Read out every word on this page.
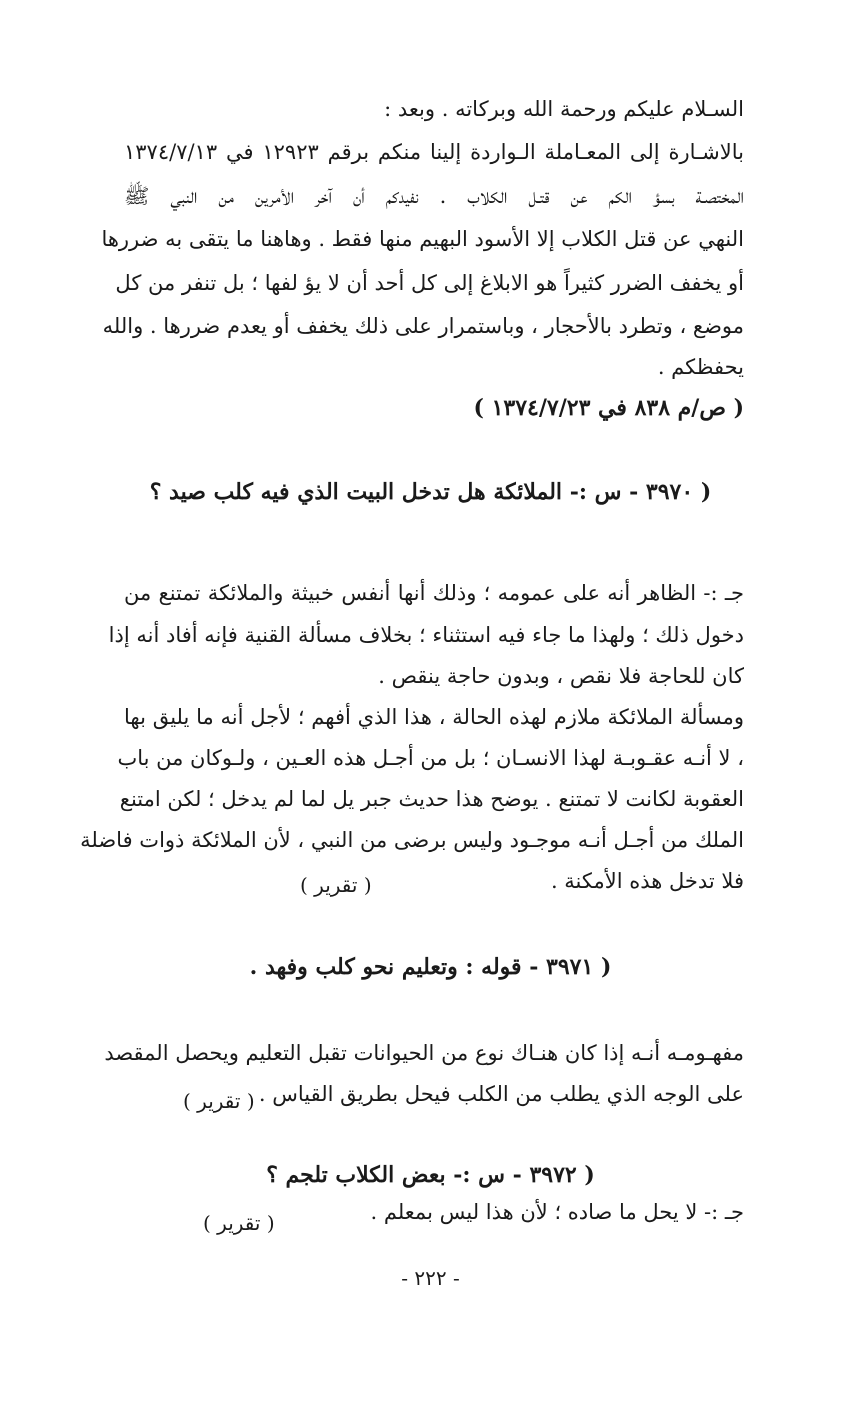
السـلام عليكم ورحمة الله وبركاته . وبعد :
بالاشـارة إلى المعـاملة الـواردة إلينا منكم برقم ١٢٩٢٣ في ١٣٧٤/٧/١٣
المختصـة بسؤ الكم عن قتـل الكلاب . نفيدكم أن آخر الأمرين من النبي ﷺ
النهي عن قتل الكلاب إلا الأسود البهيم منها فقط . وهاهنا ما يتقى به ضررها
أو يخفف الضرر كثيراً هو الابلاغ إلى كل أحد أن لا يؤ لفها ؛ بل تنفر من كل
موضع ، وتطرد بالأحجار ، وباستمرار على ذلك يخفف أو يعدم ضررها . والله
يحفظكم .
( ص/م ٨٣٨ في ١٣٧٤/٧/٢٣ )
( ٣٩٧٠ - س :- الملائكة هل تدخل البيت الذي فيه كلب صيد ؟
جـ :- الظاهر أنه على عمومه ؛ وذلك أنها أنفس خبيثة والملائكة تمتنع من
دخول ذلك ؛ ولهذا ما جاء فيه استثناء ؛ بخلاف مسألة القنية فإنه أفاد أنه إذا
كان للحاجة فلا نقص ، وبدون حاجة ينقص .
ومسألة الملائكة ملازم لهذه الحالة ، هذا الذي أفهم ؛ لأجل أنه ما يليق بها
، لا أنـه عقـوبـة لهذا الانسـان ؛ بل من أجـل هذه العـين ، ولـوكان من باب
العقوبة لكانت لا تمتنع . يوضح هذا حديث جبر يل لما لم يدخل ؛ لكن امتنع
الملك من أجـل أنـه موجـود وليس برضى من النبي ، لأن الملائكة ذوات فاضلة
فلا تدخل هذه الأمكنة .
( تقرير )
( ٣٩٧١ - قوله : وتعليم نحو كلب وفهد .
مفهـومـه أنـه إذا كان هنـاك نوع من الحيوانات تقبل التعليم ويحصل المقصد
على الوجه الذي يطلب من الكلب فيحل بطريق القياس .
( تقرير )
( ٣٩٧٢ - س :- بعض الكلاب تلجم ؟
جـ :- لا يحل ما صاده ؛ لأن هذا ليس بمعلم .
( تقرير )
- ٢٢٢ -
